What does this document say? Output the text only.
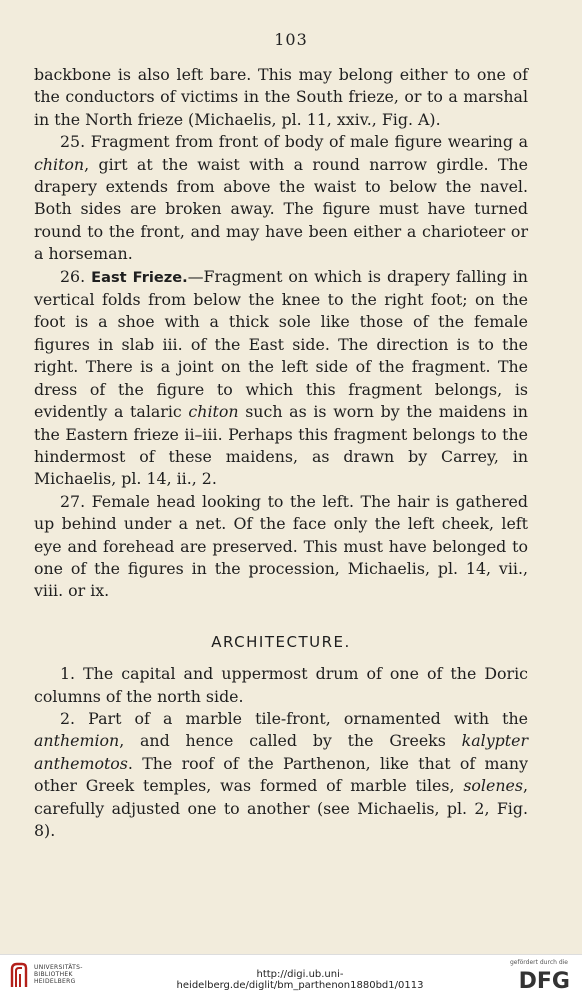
103

backbone is also left bare. This may belong either to one of the conductors of victims in the South frieze, or to a marshal in the North frieze (Michaelis, pl. 11, xxiv., Fig. A).

25. Fragment from front of body of male figure wearing a chiton, girt at the waist with a round narrow girdle. The drapery extends from above the waist to below the navel. Both sides are broken away. The figure must have turned round to the front, and may have been either a charioteer or a horseman.

26. East Frieze.—Fragment on which is drapery falling in vertical folds from below the knee to the right foot; on the foot is a shoe with a thick sole like those of the female figures in slab iii. of the East side. The direction is to the right. There is a joint on the left side of the fragment. The dress of the figure to which this fragment belongs, is evidently a talaric chiton such as is worn by the maidens in the Eastern frieze ii–iii. Perhaps this fragment belongs to the hindermost of these maidens, as drawn by Carrey, in Michaelis, pl. 14, ii., 2.

27. Female head looking to the left. The hair is gathered up behind under a net. Of the face only the left cheek, left eye and forehead are preserved. This must have belonged to one of the figures in the procession, Michaelis, pl. 14, vii., viii. or ix.

ARCHITECTURE.

1. The capital and uppermost drum of one of the Doric columns of the north side.

2. Part of a marble tile-front, ornamented with the anthemion, and hence called by the Greeks kalypter anthemotos. The roof of the Parthenon, like that of many other Greek temples, was formed of marble tiles, solenes, carefully adjusted one to another (see Michaelis, pl. 2, Fig. 8).

UNIVERSITÄTS-
BIBLIOTHEK
HEIDELBERG
http://digi.ub.uni-heidelberg.de/diglit/bm_parthenon1880bd1/0113
gefördert durch die
DFG
